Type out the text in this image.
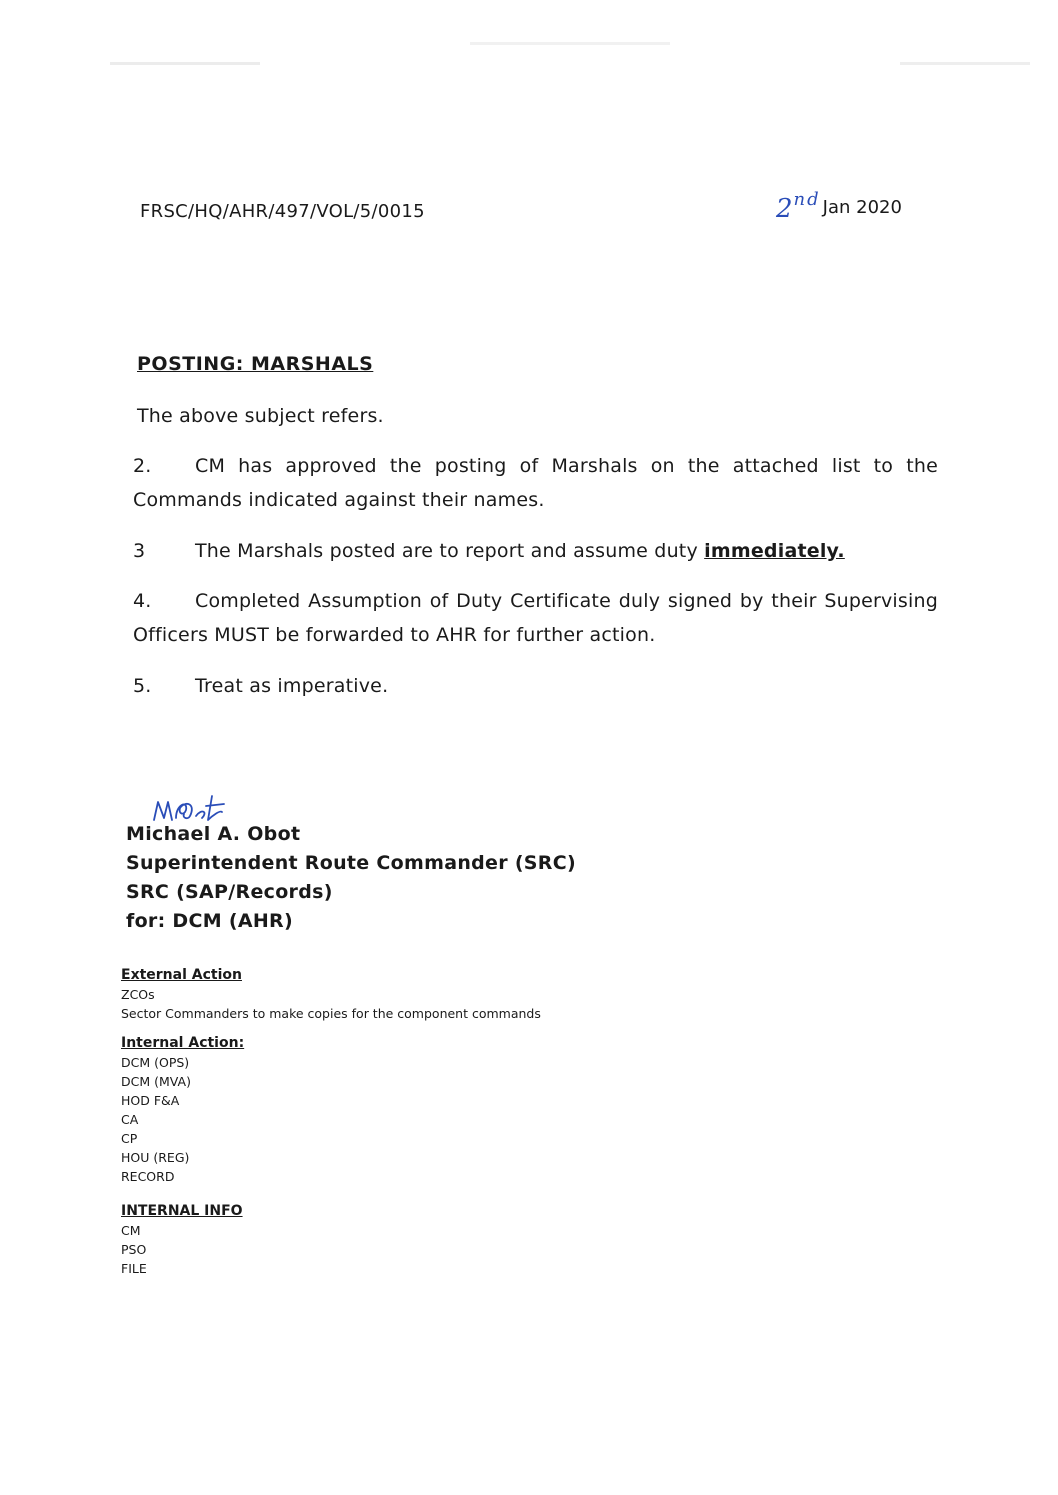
FRSC/HQ/AHR/497/VOL/5/0015	2nd Jan 2020
POSTING: MARSHALS
The above subject refers.
2. CM has approved the posting of Marshals on the attached list to the Commands indicated against their names.
3	The Marshals posted are to report and assume duty immediately.
4. Completed Assumption of Duty Certificate duly signed by their Supervising Officers MUST be forwarded to AHR for further action.
5. Treat as imperative.
Michael A. Obot
Superintendent Route Commander (SRC)
SRC (SAP/Records)
for: DCM (AHR)
External Action
ZCOs
Sector Commanders to make copies for the component commands
Internal Action:
DCM (OPS)
DCM (MVA)
HOD F&A
CA
CP
HOU (REG)
RECORD
INTERNAL INFO
CM
PSO
FILE
